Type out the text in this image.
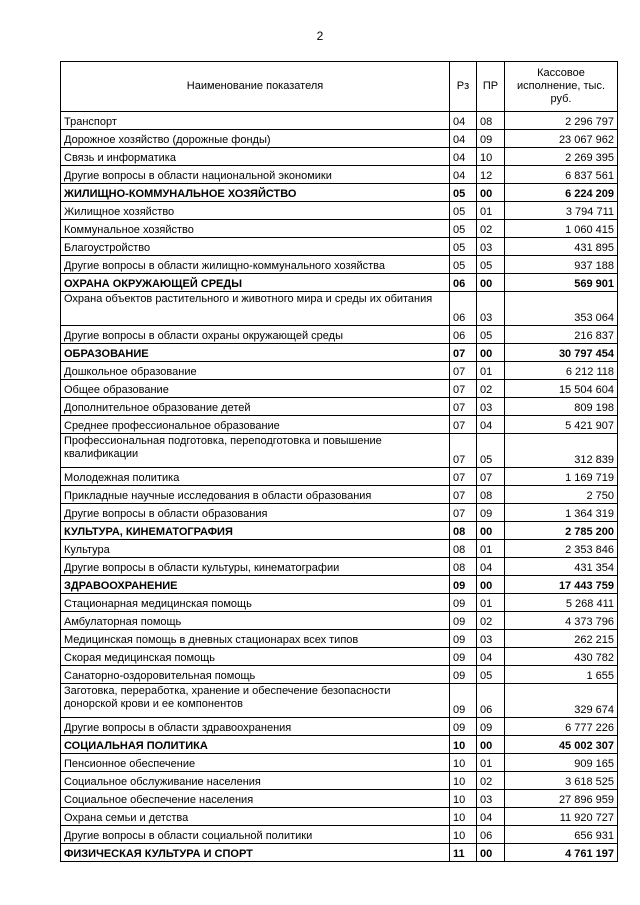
2
Наименование показателя	Рз	ПР	Кассовое исполнение, тыс. руб.
Транспорт	04	08	2 296 797
Дорожное хозяйство (дорожные фонды)	04	09	23 067 962
Связь и информатика	04	10	2 269 395
Другие вопросы в области национальной экономики	04	12	6 837 561
ЖИЛИЩНО-КОММУНАЛЬНОЕ ХОЗЯЙСТВО	05	00	6 224 209
Жилищное хозяйство	05	01	3 794 711
Коммунальное хозяйство	05	02	1 060 415
Благоустройство	05	03	431 895
Другие вопросы в области жилищно-коммунального хозяйства	05	05	937 188
ОХРАНА ОКРУЖАЮЩЕЙ СРЕДЫ	06	00	569 901
Охрана объектов растительного и животного мира и среды их обитания	06	03	353 064
Другие вопросы в области охраны окружающей среды	06	05	216 837
ОБРАЗОВАНИЕ	07	00	30 797 454
Дошкольное образование	07	01	6 212 118
Общее образование	07	02	15 504 604
Дополнительное образование детей	07	03	809 198
Среднее профессиональное образование	07	04	5 421 907
Профессиональная подготовка, переподготовка и повышение квалификации	07	05	312 839
Молодежная политика	07	07	1 169 719
Прикладные научные исследования в области образования	07	08	2 750
Другие вопросы в области образования	07	09	1 364 319
КУЛЬТУРА, КИНЕМАТОГРАФИЯ	08	00	2 785 200
Культура	08	01	2 353 846
Другие вопросы в области культуры, кинематографии	08	04	431 354
ЗДРАВООХРАНЕНИЕ	09	00	17 443 759
Стационарная медицинская помощь	09	01	5 268 411
Амбулаторная помощь	09	02	4 373 796
Медицинская помощь в дневных стационарах всех типов	09	03	262 215
Скорая медицинская помощь	09	04	430 782
Санаторно-оздоровительная помощь	09	05	1 655
Заготовка, переработка, хранение и обеспечение безопасности донорской крови и ее компонентов	09	06	329 674
Другие вопросы в области здравоохранения	09	09	6 777 226
СОЦИАЛЬНАЯ ПОЛИТИКА	10	00	45 002 307
Пенсионное обеспечение	10	01	909 165
Социальное обслуживание населения	10	02	3 618 525
Социальное обеспечение населения	10	03	27 896 959
Охрана семьи и детства	10	04	11 920 727
Другие вопросы в области социальной политики	10	06	656 931
ФИЗИЧЕСКАЯ КУЛЬТУРА И СПОРТ	11	00	4 761 197
